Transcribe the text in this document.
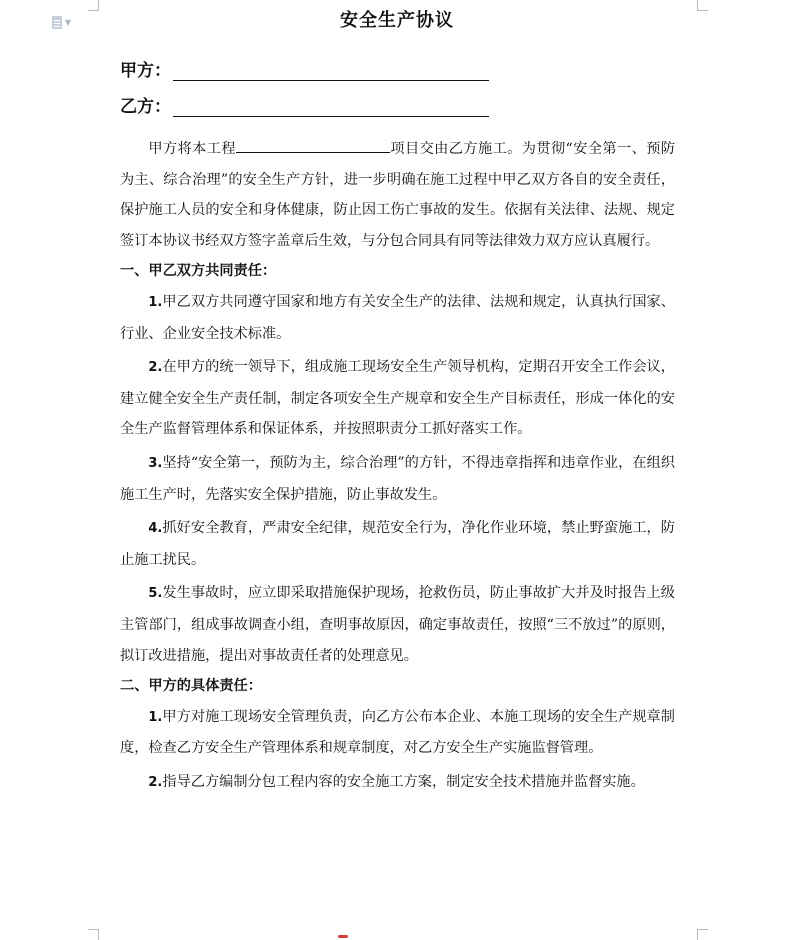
▼	安全生产协议
甲方：
乙方：

甲方将本工程	项目交由乙方施工。为贯彻“安全第一、预防为主、综合治理”的安全生产方针，进一步明确在施工过程中甲乙双方各自的安全责任，保护施工人员的安全和身体健康，防止因工伤亡事故的发生。依据有关法律、法规、规定签订本协议书经双方签字盖章后生效，与分包合同具有同等法律效力双方应认真履行。

一、甲乙双方共同责任：

1.甲乙双方共同遵守国家和地方有关安全生产的法律、法规和规定，认真执行国家、行业、企业安全技术标准。

2.在甲方的统一领导下，组成施工现场安全生产领导机构，定期召开安全工作会议，建立健全安全生产责任制，制定各项安全生产规章和安全生产目标责任，形成一体化的安全生产监督管理体系和保证体系，并按照职责分工抓好落实工作。

3.坚持“安全第一，预防为主，综合治理”的方针，不得违章指挥和违章作业，在组织施工生产时，先落实安全保护措施，防止事故发生。

4.抓好安全教育，严肃安全纪律，规范安全行为，净化作业环境，禁止野蛮施工，防止施工扰民。

5.发生事故时，应立即采取措施保护现场，抢救伤员，防止事故扩大并及时报告上级主管部门，组成事故调查小组，查明事故原因，确定事故责任，按照“三不放过”的原则，拟订改进措施，提出对事故责任者的处理意见。

二、甲方的具体责任：

1.甲方对施工现场安全管理负责，向乙方公布本企业、本施工现场的安全生产规章制度，检查乙方安全生产管理体系和规章制度，对乙方安全生产实施监督管理。

2.指导乙方编制分包工程内容的安全施工方案，制定安全技术措施并监督实施。
